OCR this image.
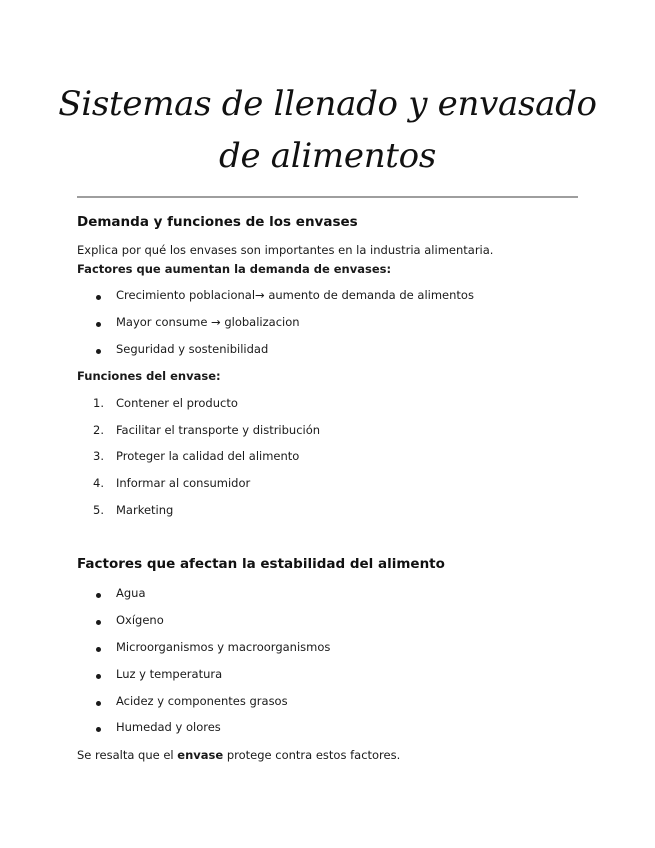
Sistemas de llenado y envasado
de alimentos
Demanda y funciones de los envases
Explica por qué los envases son importantes en la industria alimentaria.
Factores que aumentan la demanda de envases:
Crecimiento poblacional→ aumento de demanda de alimentos
Mayor consume → globalizacion
Seguridad y sostenibilidad
Funciones del envase:
1.	Contener el producto
2.	Facilitar el transporte y distribución
3.	Proteger la calidad del alimento
4.	Informar al consumidor
5.	Marketing
Factores que afectan la estabilidad del alimento
Agua
Oxígeno
Microorganismos y macroorganismos
Luz y temperatura
Acidez y componentes grasos
Humedad y olores
Se resalta que el envase protege contra estos factores.
